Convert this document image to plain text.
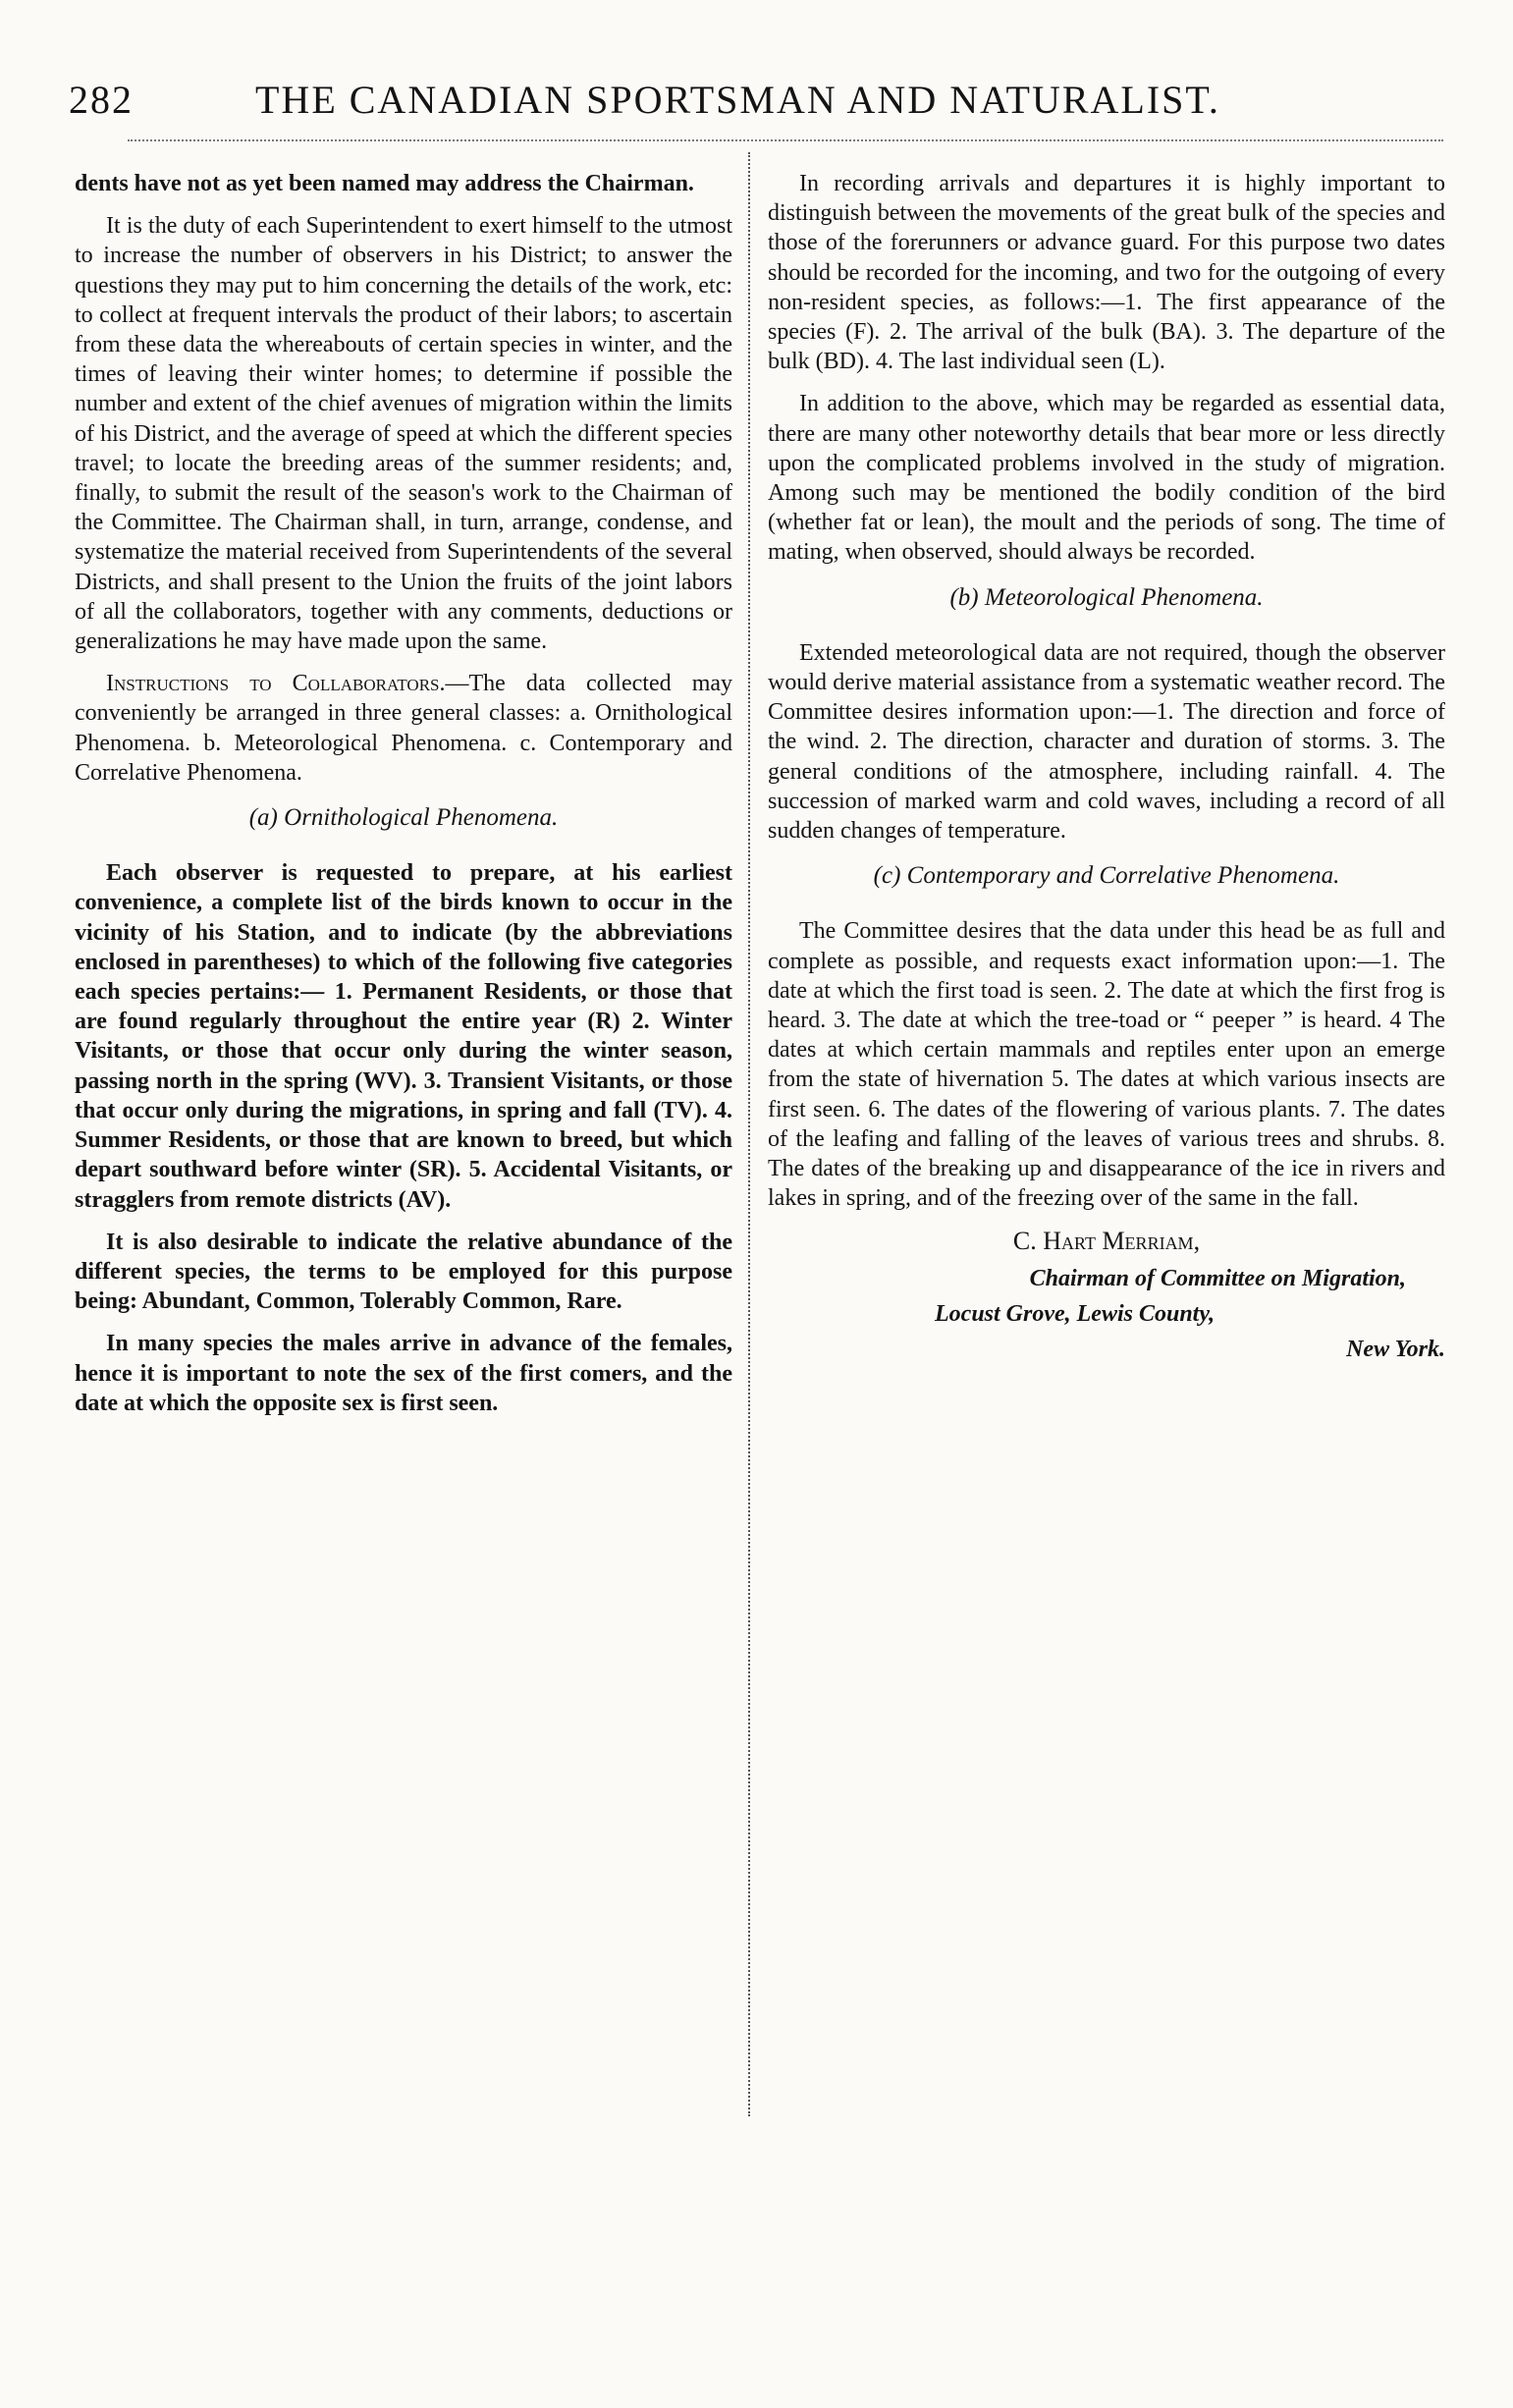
282	THE CANADIAN SPORTSMAN AND NATURALIST.

dents have not as yet been named may address the Chairman.

It is the duty of each Superintendent to exert himself to the utmost to increase the number of observers in his District; to answer the questions they may put to him concerning the details of the work, etc: to collect at frequent intervals the product of their labors; to ascertain from these data the whereabouts of certain species in winter, and the times of leaving their winter homes; to determine if possible the number and extent of the chief avenues of migration within the limits of his District, and the average of speed at which the different species travel; to locate the breeding areas of the summer residents; and, finally, to submit the result of the season's work to the Chairman of the Committee. The Chairman shall, in turn, arrange, condense, and systematize the material received from Superintendents of the several Districts, and shall present to the Union the fruits of the joint labors of all the collaborators, together with any comments, deductions or generalizations he may have made upon the same.

Instructions to Collaborators.—The data collected may conveniently be arranged in three general classes: a. Ornithological Phenomena. b. Meteorological Phenomena. c. Contemporary and Correlative Phenomena.

(a) Ornithological Phenomena.

Each observer is requested to prepare, at his earliest convenience, a complete list of the birds known to occur in the vicinity of his Station, and to indicate (by the abbreviations enclosed in parentheses) to which of the following five categories each species pertains:— 1. Permanent Residents, or those that are found regularly throughout the entire year (R) 2. Winter Visitants, or those that occur only during the winter season, passing north in the spring (WV). 3. Transient Visitants, or those that occur only during the migrations, in spring and fall (TV). 4. Summer Residents, or those that are known to breed, but which depart southward before winter (SR). 5. Accidental Visitants, or stragglers from remote districts (AV).

It is also desirable to indicate the relative abundance of the different species, the terms to be employed for this purpose being: Abundant, Common, Tolerably Common, Rare.

In many species the males arrive in advance of the females, hence it is important to note the sex of the first comers, and the date at which the opposite sex is first seen.

In recording arrivals and departures it is highly important to distinguish between the movements of the great bulk of the species and those of the forerunners or advance guard. For this purpose two dates should be recorded for the incoming, and two for the outgoing of every non-resident species, as follows:—1. The first appearance of the species (F). 2. The arrival of the bulk (BA). 3. The departure of the bulk (BD). 4. The last individual seen (L).

In addition to the above, which may be regarded as essential data, there are many other noteworthy details that bear more or less directly upon the complicated problems involved in the study of migration. Among such may be mentioned the bodily condition of the bird (whether fat or lean), the moult and the periods of song. The time of mating, when observed, should always be recorded.

(b) Meteorological Phenomena.

Extended meteorological data are not required, though the observer would derive material assistance from a systematic weather record. The Committee desires information upon:—1. The direction and force of the wind. 2. The direction, character and duration of storms. 3. The general conditions of the atmosphere, including rainfall. 4. The succession of marked warm and cold waves, including a record of all sudden changes of temperature.

(c) Contemporary and Correlative Phenomena.

The Committee desires that the data under this head be as full and complete as possible, and requests exact information upon:—1. The date at which the first toad is seen. 2. The date at which the first frog is heard. 3. The date at which the tree-toad or “ peeper ” is heard. 4 The dates at which certain mammals and reptiles enter upon an emerge from the state of hivernation 5. The dates at which various insects are first seen. 6. The dates of the flowering of various plants. 7. The dates of the leafing and falling of the leaves of various trees and shrubs. 8. The dates of the breaking up and disappearance of the ice in rivers and lakes in spring, and of the freezing over of the same in the fall.

C. Hart Merriam,
Chairman of Committee on Migration,
Locust Grove, Lewis County,
New York.
